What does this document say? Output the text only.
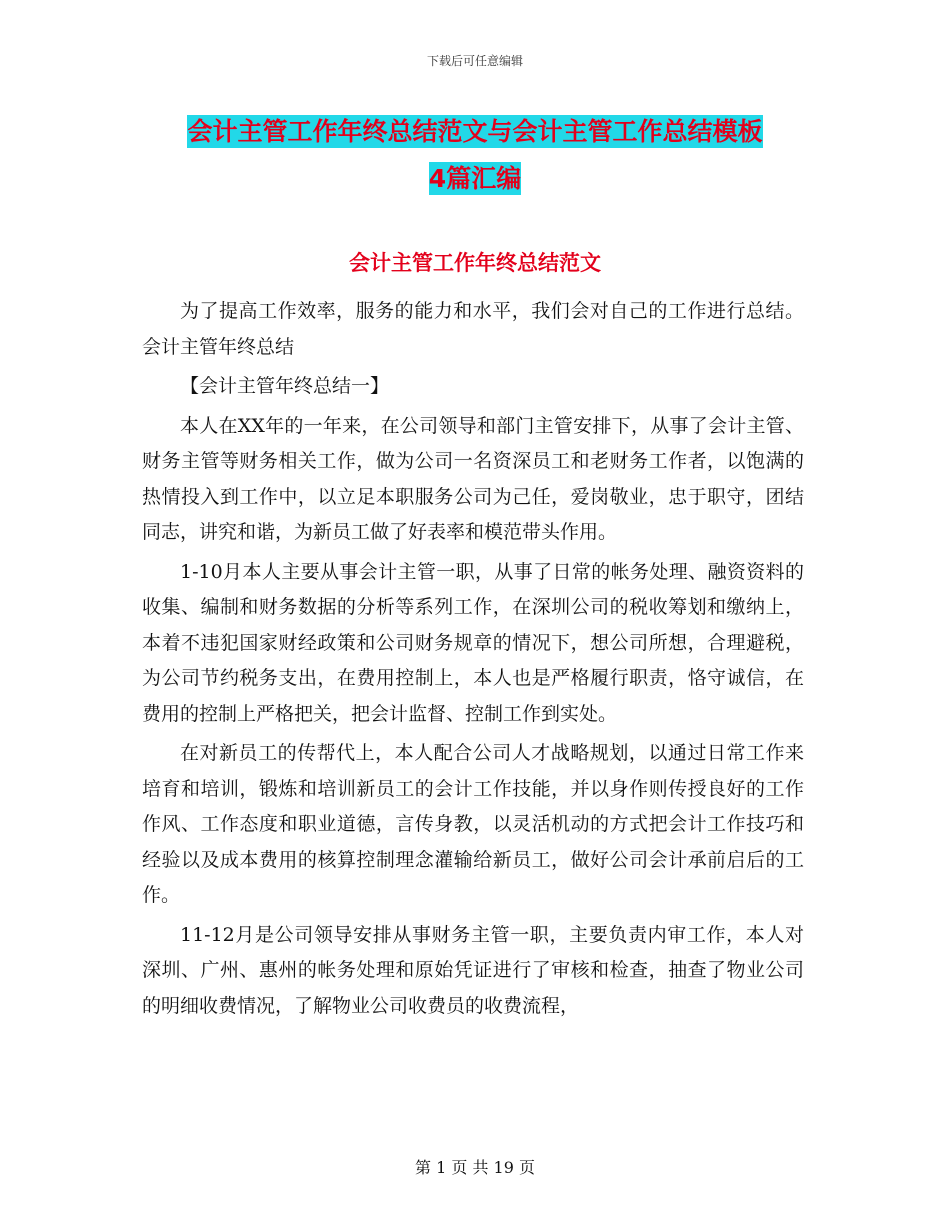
下载后可任意编辑
会计主管工作年终总结范文与会计主管工作总结模板
4篇汇编
会计主管工作年终总结范文

为了提高工作效率，服务的能力和水平，我们会对自己的工作进行总结。会计主管年终总结

【会计主管年终总结一】

本人在XX年的一年来，在公司领导和部门主管安排下，从事了会计主管、财务主管等财务相关工作，做为公司一名资深员工和老财务工作者，以饱满的热情投入到工作中，以立足本职服务公司为己任，爱岗敬业，忠于职守，团结同志，讲究和谐，为新员工做了好表率和模范带头作用。

1-10月本人主要从事会计主管一职，从事了日常的帐务处理、融资资料的收集、编制和财务数据的分析等系列工作，在深圳公司的税收筹划和缴纳上，本着不违犯国家财经政策和公司财务规章的情况下，想公司所想，合理避税，为公司节约税务支出，在费用控制上，本人也是严格履行职责，恪守诚信，在费用的控制上严格把关，把会计监督、控制工作到实处。

在对新员工的传帮代上，本人配合公司人才战略规划，以通过日常工作来培育和培训，锻炼和培训新员工的会计工作技能，并以身作则传授良好的工作作风、工作态度和职业道德，言传身教，以灵活机动的方式把会计工作技巧和经验以及成本费用的核算控制理念灌输给新员工，做好公司会计承前启后的工作。

11-12月是公司领导安排从事财务主管一职，主要负责内审工作，本人对深圳、广州、惠州的帐务处理和原始凭证进行了审核和检查，抽查了物业公司的明细收费情况，了解物业公司收费员的收费流程，

第 1 页 共 19 页
